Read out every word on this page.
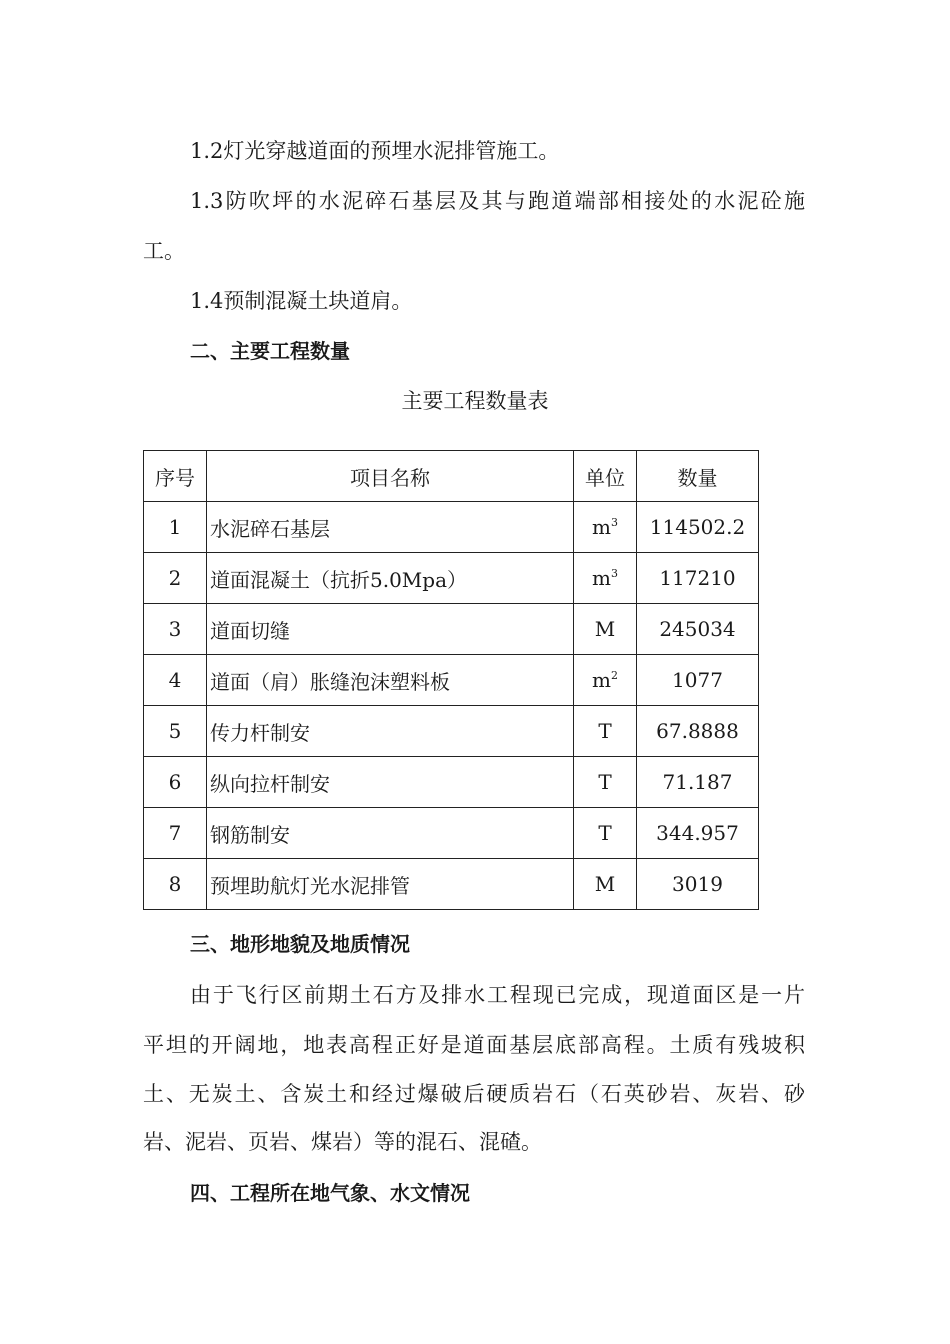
1.2灯光穿越道面的预埋水泥排管施工。
1.3防吹坪的水泥碎石基层及其与跑道端部相接处的水泥砼施
工。
1.4预制混凝土块道肩。
二、主要工程数量
主要工程数量表
序号	项目名称	单位	数量
1	水泥碎石基层	$m^3$	114502.2
2	道面混凝土（抗折5.0Mpa）	$m^3$	117210
3	道面切缝	M	245034
4	道面（肩）胀缝泡沫塑料板	$m^2$	1077
5	传力杆制安	T	67.8888
6	纵向拉杆制安	T	71.187
7	钢筋制安	T	344.957
8	预埋助航灯光水泥排管	M	3019
三、地形地貌及地质情况
由于飞行区前期土石方及排水工程现已完成，现道面区是一片
平坦的开阔地，地表高程正好是道面基层底部高程。土质有残坡积
土、无炭土、含炭土和经过爆破后硬质岩石（石英砂岩、灰岩、砂
岩、泥岩、页岩、煤岩）等的混石、混碴。
四、工程所在地气象、水文情况
